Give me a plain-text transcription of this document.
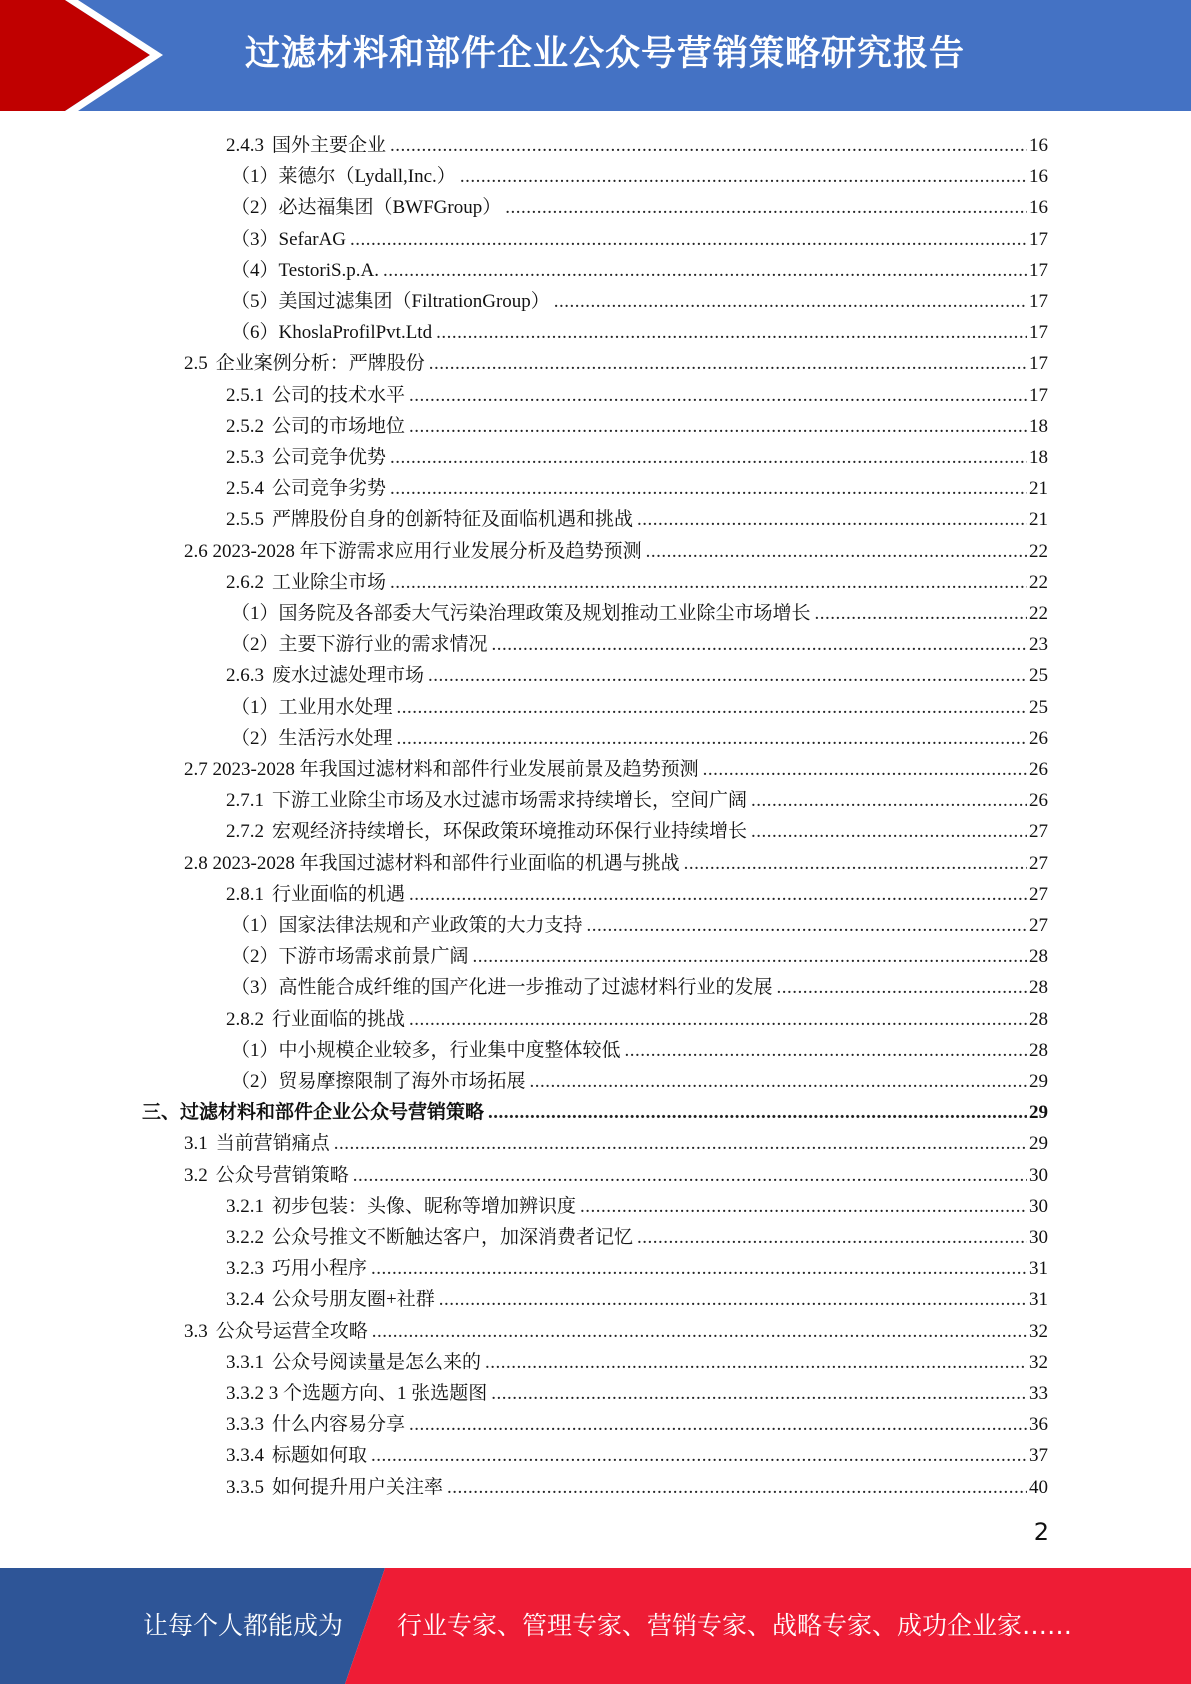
过滤材料和部件企业公众号营销策略研究报告
2.4.3 国外主要企业 .....	16
（1）莱德尔（Lydall,Inc.） .....	16
（2）必达福集团（BWFGroup） .....	16
（3）SefarAG .....	17
（4）TestoriS.p.A. .....	17
（5）美国过滤集团（FiltrationGroup） .....	17
（6）KhoslaProfilPvt.Ltd .....	17
2.5 企业案例分析：严牌股份 .....	17
2.5.1 公司的技术水平 .....	17
2.5.2 公司的市场地位 .....	18
2.5.3 公司竞争优势 .....	18
2.5.4 公司竞争劣势 .....	21
2.5.5 严牌股份自身的创新特征及面临机遇和挑战 .....	21
2.6 2023-2028 年下游需求应用行业发展分析及趋势预测 .....	22
2.6.2 工业除尘市场 .....	22
（1）国务院及各部委大气污染治理政策及规划推动工业除尘市场增长 .....	22
（2）主要下游行业的需求情况 .....	23
2.6.3 废水过滤处理市场 .....	25
（1）工业用水处理 .....	25
（2）生活污水处理 .....	26
2.7 2023-2028 年我国过滤材料和部件行业发展前景及趋势预测 .....	26
2.7.1 下游工业除尘市场及水过滤市场需求持续增长，空间广阔 .....	26
2.7.2 宏观经济持续增长，环保政策环境推动环保行业持续增长 .....	27
2.8 2023-2028 年我国过滤材料和部件行业面临的机遇与挑战 .....	27
2.8.1 行业面临的机遇 .....	27
（1）国家法律法规和产业政策的大力支持 .....	27
（2）下游市场需求前景广阔 .....	28
（3）高性能合成纤维的国产化进一步推动了过滤材料行业的发展 .....	28
2.8.2 行业面临的挑战 .....	28
（1）中小规模企业较多，行业集中度整体较低 .....	28
（2）贸易摩擦限制了海外市场拓展 .....	29
三、过滤材料和部件企业公众号营销策略 .....	29
3.1 当前营销痛点 .....	29
3.2 公众号营销策略 .....	30
3.2.1 初步包装：头像、昵称等增加辨识度 .....	30
3.2.2 公众号推文不断触达客户，加深消费者记忆 .....	30
3.2.3 巧用小程序 .....	31
3.2.4 公众号朋友圈+社群 .....	31
3.3 公众号运营全攻略 .....	32
3.3.1 公众号阅读量是怎么来的 .....	32
3.3.2 3 个选题方向、1 张选题图 .....	33
3.3.3 什么内容易分享 .....	36
3.3.4 标题如何取 .....	37
3.3.5 如何提升用户关注率 .....	40
2
让每个人都能成为 行业专家、管理专家、营销专家、战略专家、成功企业家……
